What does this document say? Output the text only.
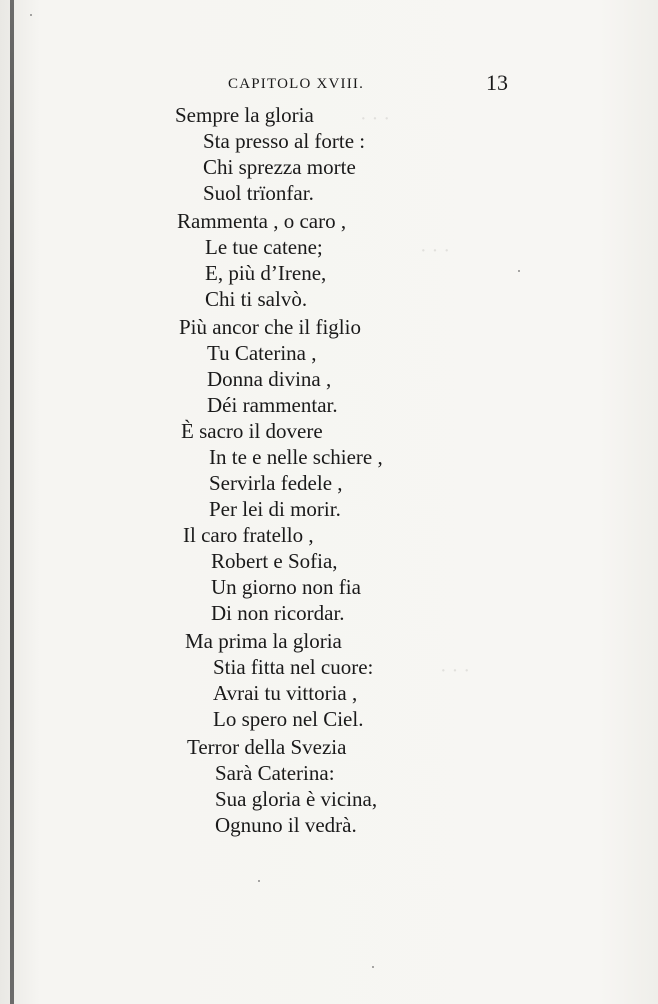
· · ·
· · ·
· · ·
CAPITOLO XVIII.	13
Sempre la gloria
Sta presso al forte :
Chi sprezza morte
Suol trïonfar.
Rammenta , o caro ,
Le tue catene;
E, più d’Irene,
Chi ti salvò.
Più ancor che il figlio
Tu Caterina ,
Donna divina ,
Déi rammentar.
È sacro il dovere
In te e nelle schiere ,
Servirla fedele ,
Per lei di morir.
Il caro fratello ,
Robert e Sofia,
Un giorno non fia
Di non ricordar.
Ma prima la gloria
Stia fitta nel cuore:
Avrai tu vittoria ,
Lo spero nel Ciel.
Terror della Svezia
Sarà Caterina:
Sua gloria è vicina,
Ognuno il vedrà.
